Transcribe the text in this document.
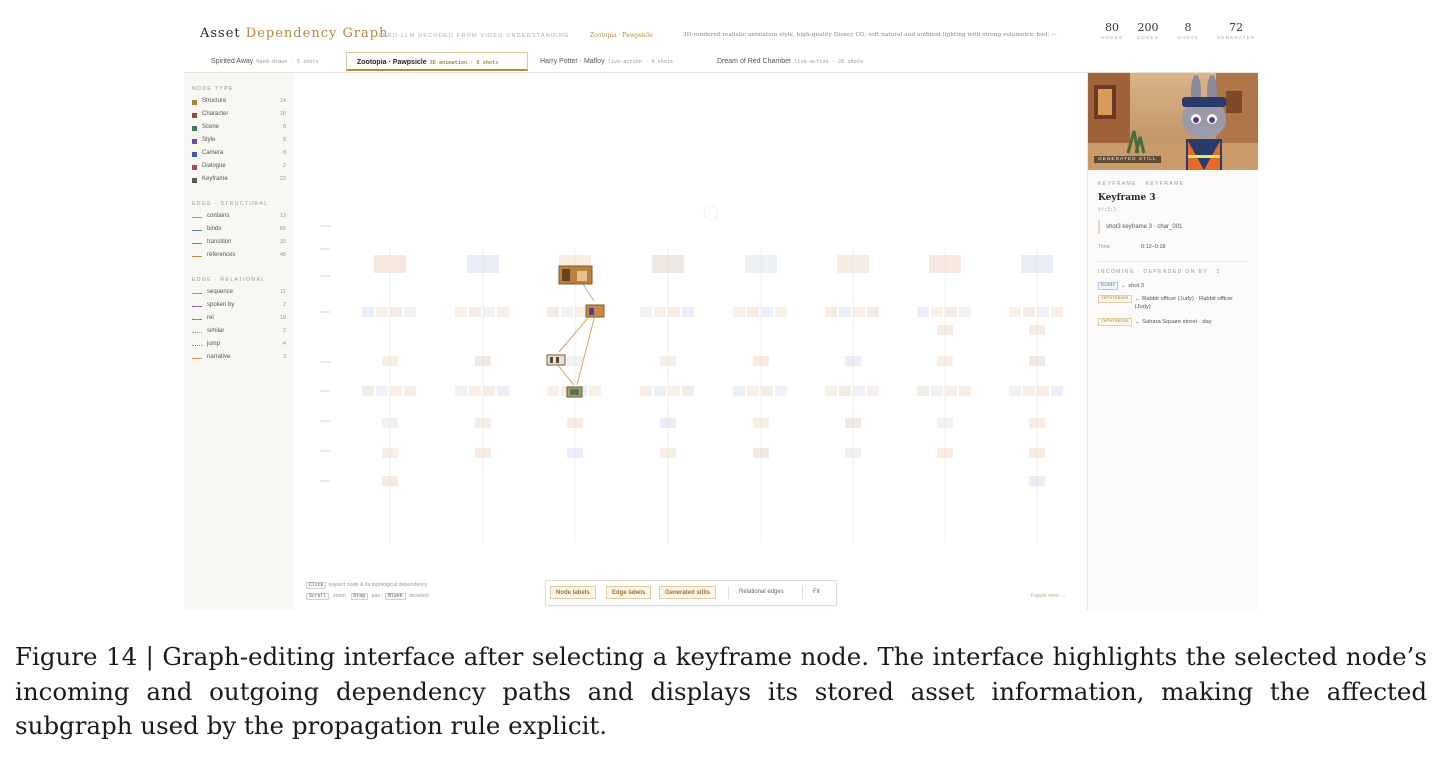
Asset Dependency Graph
ZERO-LLM DECODED FROM VIDEO UNDERSTANDING	Zootopia · Pawpsicle	· 3D-rendered realistic animation style, high-quality Disney CG; soft natural and ambient lighting with strong volumetric feel; —
80
NODES
200
EDGES
8
SHOTS
72
GENERATED
Spirited Away hand-drawn · 5 shots	Zootopia · Pawpsicle 3D animation · 8 shots	Harry Potter · Malfoy live-action · 9 shots	Dream of Red Chamber live-action · 20 shots
NODE TYPE
Structure	14
Character	18
Scene	8
Style	8
Camera	8
Dialogue	2
Keyframe	22
EDGE · STRUCTURAL
contains	13
binds	66
transition	33
references	48
EDGE · RELATIONAL
sequence	11
spoken by	2
rel	18
similar	2
jump	4
narrative	3
Click inspect node & its topological dependency
Scroll zoom · Drag pan · Blank deselect	Node labels	Edge labels	Generated stills	Relational edges	Fit
Figure view →
GENERATED STILL
KEYFRAME · KEYFRAME
Keyframe 3
kf:3:3
shot3 keyframe 3 · char_001
Time	0:12–0:18
INCOMING · DEPENDED ON BY · 3
binds ← shot 3
references ← Rabbit officer (Judy) · Rabbit officer (Judy)
references ← Sahara Square street · day
Figure 14 | Graph-editing interface after selecting a keyframe node. The interface highlights the selected node’s incoming and outgoing dependency paths and displays its stored asset information, making the affected subgraph used by the propagation rule explicit.
